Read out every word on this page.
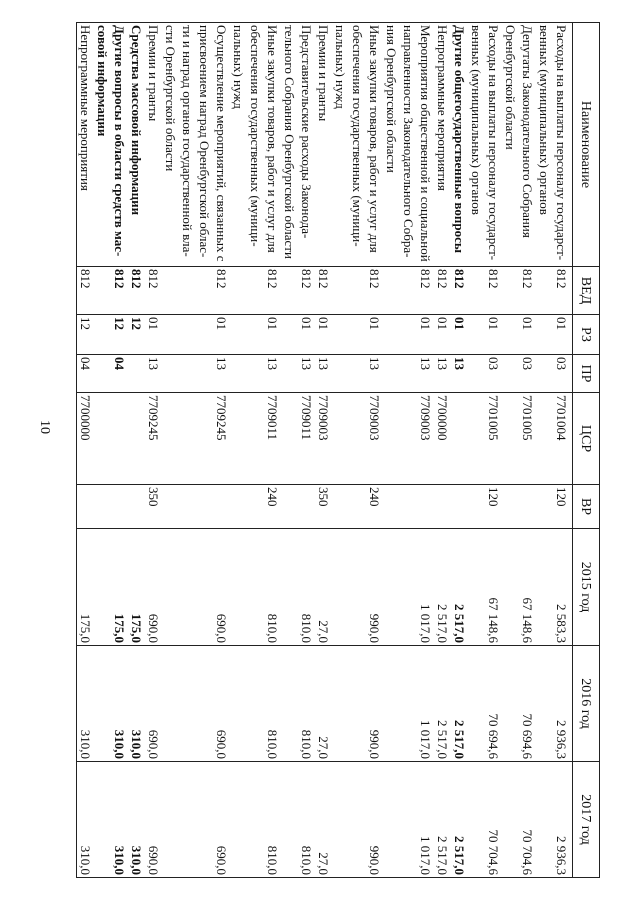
10
Наименование	ВЕД	РЗ	ПР	ЦСР	ВР	2015 год	2016 год	2017 год
Расходы на выплаты персоналу государст-венных (муниципальных) органов	812	01	03	7701004	120	2 583,3	2 936,3	2 936,3
Депутаты Законодательного Собрания Оренбургской области	812	01	03	7701005		67 148,6	70 694,6	70 704,6
Расходы на выплаты персоналу государст-венных (муниципальных) органов	812	01	03	7701005	120	67 148,6	70 694,6	70 704,6
Другие общегосударственные вопросы	812	01	13			2 517,0	2 517,0	2 517,0
Непрограммные мероприятия	812	01	13	7700000		2 517,0	2 517,0	2 517,0
Мероприятия общественной и социальной направленности Законодательного Собра-ния Оренбургской области	812	01	13	7709003		1 017,0	1 017,0	1 017,0
Иные закупки товаров, работ и услуг для обеспечения государственных (муници-пальных) нужд	812	01	13	7709003	240	990,0	990,0	990,0
Премии и гранты	812	01	13	7709003	350	27,0	27,0	27,0
Представительские расходы Законода-тельного Собрания Оренбургской области	812	01	13	7709011		810,0	810,0	810,0
Иные закупки товаров, работ и услуг для обеспечения государственных (муници-пальных) нужд	812	01	13	7709011	240	810,0	810,0	810,0
Осуществление мероприятий, связанных с присвоением наград Оренбургской облас-ти и наград органов государственной вла-сти Оренбургской области	812	01	13	7709245		690,0	690,0	690,0
Премии и гранты	812	01	13	7709245	350	690,0	690,0	690,0
Средства массовой информации	812	12				175,0	310,0	310,0
Другие вопросы в области средств мас-совой информации	812	12	04			175,0	310,0	310,0
Непрограммные мероприятия	812	12	04	7700000		175,0	310,0	310,0
